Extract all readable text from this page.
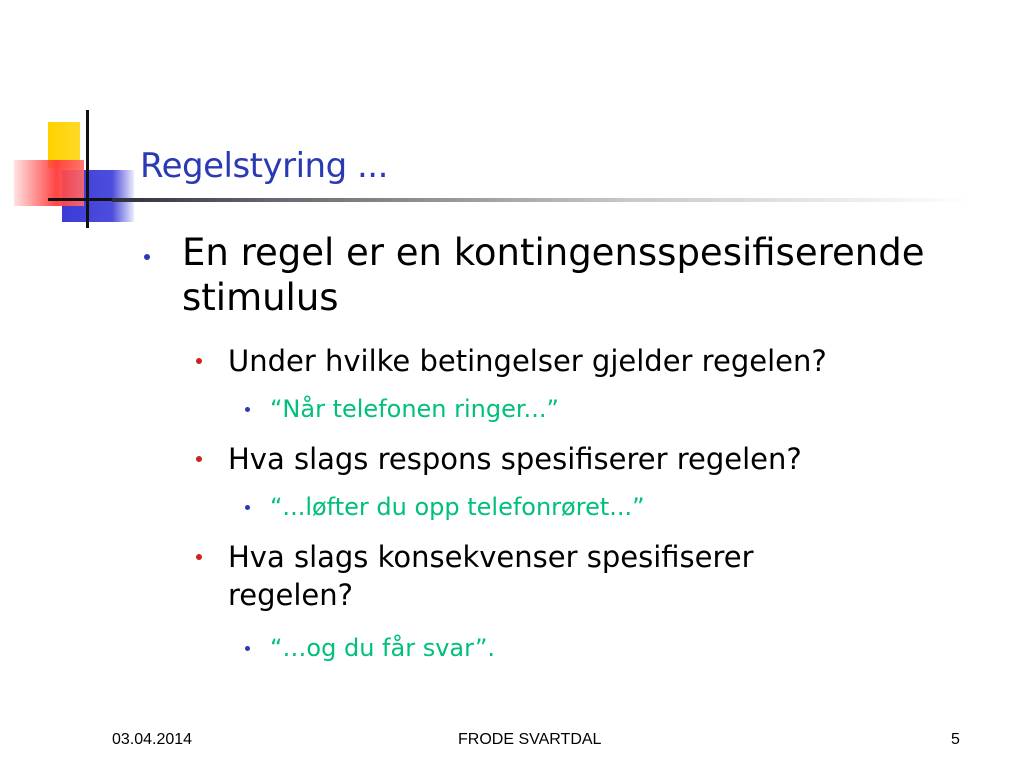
Regelstyring ...
En regel er en kontingensspesifiserende stimulus
Under hvilke betingelser gjelder regelen?
“Når telefonen ringer...”
Hva slags respons spesifiserer regelen?
“...løfter du opp telefonrøret...”
Hva slags konsekvenser spesifiserer regelen?
“…og du får svar”.
03.04.2014	FRODE SVARTDAL	5
